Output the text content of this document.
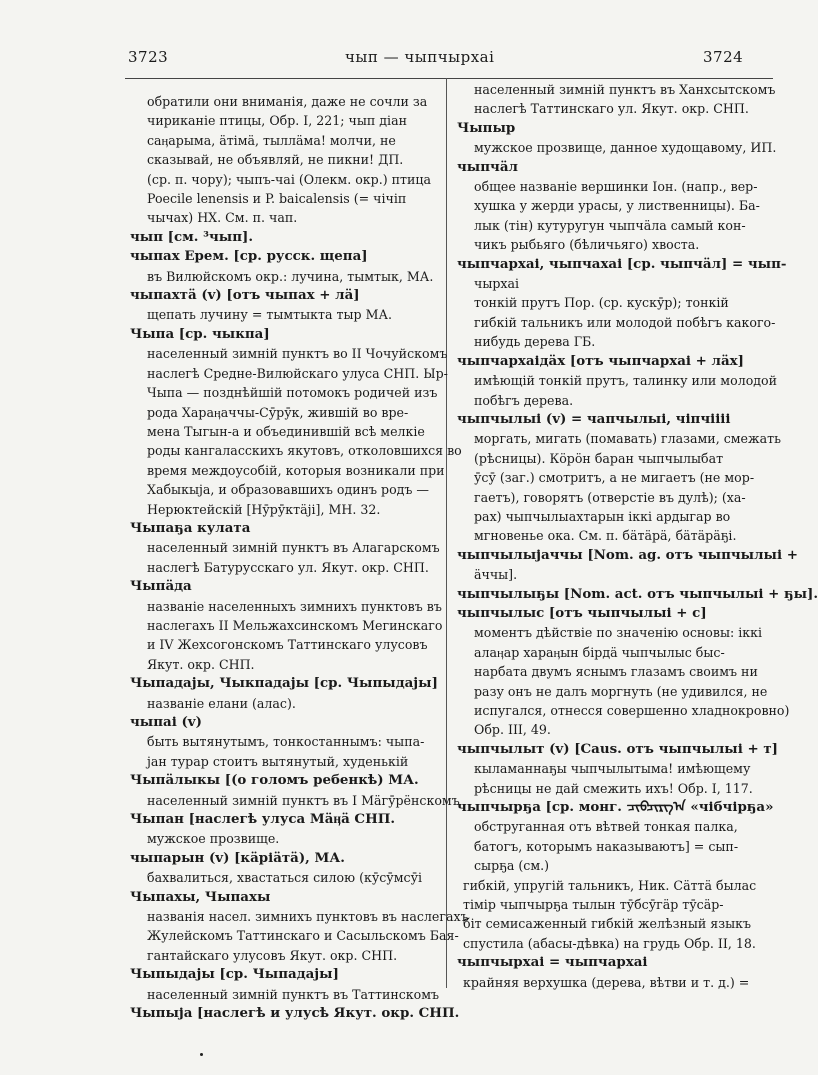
3723	чып — чыпчырхаі	3724
обратили они вниманія, даже не сочли за
чириканіе птицы, Обр. I, 221; чып діан
саӊарыма, ӓтімӓ, тыллӓма! молчи, не
сказывай, не объявляй, не пикни! ДП.
(ср. п. чору); чыпъ-чаі (Олекм. окр.) птица
Poecile lenensis и P. baicalensis (= чічіп
чычах) НХ. См. п. чап.
чып [см. ³чып].
чыпах Ерем. [ср. русск. щепа]
въ Вилюйскомъ окр.: лучина, тымтык, МА.
чыпахтӓ (v) [отъ чыпах + лӓ]
щепать лучину = тымтыкта тыр МА.
Чыпа [ср. чыкпа]
населенный зимній пунктъ во II Чочуйскомъ
наслегѣ Средне-Вилюйскаго улуса СНП. Ыр-
Чыпа — позднѣйшій потомокъ родичей изъ
рода Хараӊаччы-Сӯрӯк, жившій во вре-
мена Тыгын-а и объединившій всѣ мелкіе
роды кангаласскихъ якутовъ, отколовшихся во
время междоусобій, которыя возникали при
Хабыкыја, и образовавшихъ одинъ родъ —
Нерюктейскій [Нӯрӯктӓjі], МН. 32.
Чыпаҕа кулата
населенный зимній пунктъ въ Алагарскомъ
наслегѣ Батурусскаго ул. Якут. окр. СНП.
Чыпӓда
названіе населенныхъ зимнихъ пунктовъ въ
наслегахъ II Мельжахсинскомъ Мегинскаго
и IV Жехсогонскомъ Таттинскаго улусовъ
Якут. окр. СНП.
Чыпадаjы, Чыкпадаjы [ср. Чыпыдаjы]
названіе елани (алас).
чыпаі (v)
быть вытянутымъ, тонкостаннымъ: чыпа-
јан турар стоитъ вытянутый, худенькій
Чыпӓлыкы [(о голомъ ребенкѣ) МА.
населенный зимній пунктъ въ I Мӓгӯрёнскомъ
Чыпан [наслегѣ улуса Мӓӊӓ СНП.
мужское прозвище.
чыпарын (v) [кӓріӓтӓ), МА.
бахвалиться, хвастаться силою (кӯсӯмсӯі
Чыпахы, Чыпахы
названія насел. зимнихъ пунктовъ въ наслегахъ
Жулейскомъ Таттинскаго и Сасыльскомъ Бая-
гантайскаго улусовъ Якут. окр. СНП.
Чыпыдаjы [ср. Чыпадаjы]
населенный зимній пунктъ въ Таттинскомъ
Чыпыја [наслегѣ и улусѣ Якут. окр. СНП.
населенный зимній пунктъ въ Ханхсытскомъ
наслегѣ Таттинскаго ул. Якут. окр. СНП.
Чыпыр
мужское прозвище, данное худощавому, ИП.
чыпчӓл
общее названіе вершинки Іон. (напр., вер-
хушка у жерди урасы, у лиственницы). Ба-
лык (тін) кутуругун чыпчӓла самый кон-
чикъ рыбьяго (бѣличьяго) хвоста.
чыпчархаі, чыпчахаі [ср. чыпчӓл] = чып-
чырхаі
тонкій прутъ Пор. (ср. кускӯр); тонкій
гибкій тальникъ или молодой побѣгъ какого-
нибудь дерева ГБ.
чыпчархаідӓх [отъ чыпчархаі + лӓх]
имѣющій тонкій прутъ, талинку или молодой
побѣгъ дерева.
чыпчылыі (v) = чапчылыі, чіпчіііі
моргать, мигать (помавать) глазами, смежать
(рѣсницы). Кӧрӧн баран чыпчылыбат
ӯсӯ (заг.) смотритъ, а не мигаетъ (не мор-
гаетъ), говорятъ (отверстіе въ дулѣ); (ха-
рах) чыпчылыахтарын іккі ардыгар во
мгновенье ока. См. п. бӓтӓрӓ, бӓтӓрӓҕі.
чыпчылыјаччы [Nom. ag. отъ чыпчылыі +
ӓччы].
чыпчылыҕы [Nom. act. отъ чыпчылыі + ҕы].
чыпчылыс [отъ чыпчылыі + с]
моментъ дѣйствіе по значенію основы: іккі
алаӊар хараӊын бірдӓ чыпчылыс быс-
нарбата двумъ яснымъ глазамъ своимъ ни
разу онъ не далъ моргнуть (не удивился, не
испугался, отнесся совершенно хладнокровно)
Обр. III, 49.
чыпчылыт (v) [Caus. отъ чыпчылыі + т]
кыламаннаҕы чыпчылытыма! имѣющему
рѣсницы не дай смежить ихъ! Обр. I, 117.
чыпчырҕа [ср. монг. ᠴᠢᠪᠴᠢᠷᠭ᠎ᠠ «чібчірҕа»
обструганная отъ вѣтвей тонкая палка,
батогъ, которымъ наказываютъ] = сып-
сырҕа (см.)
гибкій, упругій тальникъ, Ник. Сӓттӓ былас
тімір чыпчырҕа тылын тӯбсӯгӓр тӯсӓр-
біт семисаженный гибкій желѣзный языкъ
спустила (абасы-дѣвка) на грудь Обр. II, 18.
чыпчырхаі = чыпчархаі
крайняя верхушка (дерева, вѣтви и т. д.) =
